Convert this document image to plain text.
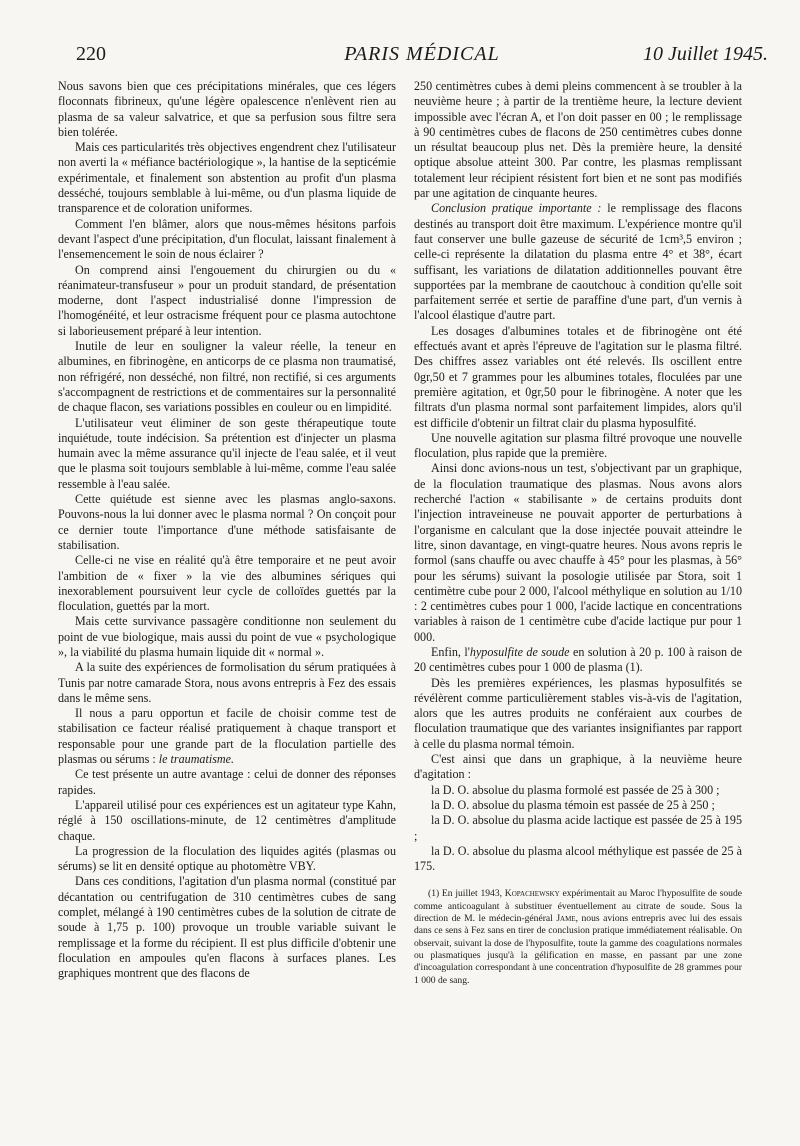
220	PARIS MÉDICAL	10 Juillet 1945.

Nous savons bien que ces précipitations minérales, que ces légers floconnats fibrineux, qu'une légère opalescence n'enlèvent rien au plasma de sa valeur salvatrice, et que sa perfusion sous filtre sera bien tolérée.

Mais ces particularités très objectives engendrent chez l'utilisateur non averti la « méfiance bactériologique », la hantise de la septicémie expérimentale, et finalement son abstention au profit d'un plasma desséché, toujours semblable à lui-même, ou d'un plasma liquide de transparence et de coloration uniformes.

Comment l'en blâmer, alors que nous-mêmes hésitons parfois devant l'aspect d'une précipitation, d'un floculat, laissant finalement à l'ensemencement le soin de nous éclairer ?

On comprend ainsi l'engouement du chirurgien ou du « réanimateur-transfuseur » pour un produit standard, de présentation moderne, dont l'aspect industrialisé donne l'impression de l'homogénéité, et leur ostracisme fréquent pour ce plasma autochtone si laborieusement préparé à leur intention.

Inutile de leur en souligner la valeur réelle, la teneur en albumines, en fibrinogène, en anticorps de ce plasma non traumatisé, non réfrigéré, non desséché, non filtré, non rectifié, si ces arguments s'accompagnent de restrictions et de commentaires sur la personnalité de chaque flacon, ses variations possibles en couleur ou en limpidité.

L'utilisateur veut éliminer de son geste thérapeutique toute inquiétude, toute indécision. Sa prétention est d'injecter un plasma humain avec la même assurance qu'il injecte de l'eau salée, et il veut que le plasma soit toujours semblable à lui-même, comme l'eau salée ressemble à l'eau salée.

Cette quiétude est sienne avec les plasmas anglo-saxons. Pouvons-nous la lui donner avec le plasma normal ? On conçoit pour ce dernier toute l'importance d'une méthode satisfaisante de stabilisation.

Celle-ci ne vise en réalité qu'à être temporaire et ne peut avoir l'ambition de « fixer » la vie des albumines sériques qui inexorablement poursuivent leur cycle de colloïdes guettés par la floculation, guettés par la mort.

Mais cette survivance passagère conditionne non seulement du point de vue biologique, mais aussi du point de vue « psychologique », la viabilité du plasma humain liquide dit « normal ».

A la suite des expériences de formolisation du sérum pratiquées à Tunis par notre camarade Stora, nous avons entrepris à Fez des essais dans le même sens.

Il nous a paru opportun et facile de choisir comme test de stabilisation ce facteur réalisé pratiquement à chaque transport et responsable pour une grande part de la floculation partielle des plasmas ou sérums : le traumatisme.

Ce test présente un autre avantage : celui de donner des réponses rapides.

L'appareil utilisé pour ces expériences est un agitateur type Kahn, réglé à 150 oscillations-minute, de 12 centimètres d'amplitude chaque.

La progression de la floculation des liquides agités (plasmas ou sérums) se lit en densité optique au photomètre VBY.

Dans ces conditions, l'agitation d'un plasma normal (constitué par décantation ou centrifugation de 310 centimètres cubes de sang complet, mélangé à 190 centimètres cubes de la solution de citrate de soude à 1,75 p. 100) provoque un trouble variable suivant le remplissage et la forme du récipient. Il est plus difficile d'obtenir une floculation en ampoules qu'en flacons à surfaces planes. Les graphiques montrent que des flacons de

250 centimètres cubes à demi pleins commencent à se troubler à la neuvième heure ; à partir de la trentième heure, la lecture devient impossible avec l'écran A, et l'on doit passer en 00 ; le remplissage à 90 centimètres cubes de flacons de 250 centimètres cubes donne un résultat beaucoup plus net. Dès la première heure, la densité optique absolue atteint 300. Par contre, les plasmas remplissant totalement leur récipient résistent fort bien et ne sont pas modifiés par une agitation de cinquante heures.

Conclusion pratique importante : le remplissage des flacons destinés au transport doit être maximum. L'expérience montre qu'il faut conserver une bulle gazeuse de sécurité de 1cm³,5 environ ; celle-ci représente la dilatation du plasma entre 4° et 38°, écart suffisant, les variations de dilatation additionnelles pouvant être supportées par la membrane de caoutchouc à condition qu'elle soit parfaitement serrée et sertie de paraffine d'une part, d'un vernis à l'alcool élastique d'autre part.

Les dosages d'albumines totales et de fibrinogène ont été effectués avant et après l'épreuve de l'agitation sur le plasma filtré. Des chiffres assez variables ont été relevés. Ils oscillent entre 0gr,50 et 7 grammes pour les albumines totales, floculées par une première agitation, et 0gr,50 pour le fibrinogène. A noter que les filtrats d'un plasma normal sont parfaitement limpides, alors qu'il est difficile d'obtenir un filtrat clair du plasma hyposulfité.

Une nouvelle agitation sur plasma filtré provoque une nouvelle floculation, plus rapide que la première.

Ainsi donc avions-nous un test, s'objectivant par un graphique, de la floculation traumatique des plasmas. Nous avons alors recherché l'action « stabilisante » de certains produits dont l'injection intraveineuse ne pouvait apporter de perturbations à l'organisme en calculant que la dose injectée pouvait atteindre le litre, sinon davantage, en vingt-quatre heures. Nous avons repris le formol (sans chauffe ou avec chauffe à 45° pour les plasmas, à 56° pour les sérums) suivant la posologie utilisée par Stora, soit 1 centimètre cube pour 2 000, l'alcool méthylique en solution au 1/10 : 2 centimètres cubes pour 1 000, l'acide lactique en concentrations variables à raison de 1 centimètre cube d'acide lactique pur pour 1 000.

Enfin, l'hyposulfite de soude en solution à 20 p. 100 à raison de 20 centimètres cubes pour 1 000 de plasma (1).

Dès les premières expériences, les plasmas hyposulfités se révélèrent comme particulièrement stables vis-à-vis de l'agitation, alors que les autres produits ne conféraient aux courbes de floculation traumatique que des variantes insignifiantes par rapport à celle du plasma normal témoin.

C'est ainsi que dans un graphique, à la neuvième heure d'agitation :

la D. O. absolue du plasma formolé est passée de 25 à 300 ;

la D. O. absolue du plasma témoin est passée de 25 à 250 ;

la D. O. absolue du plasma acide lactique est passée de 25 à 195 ;

la D. O. absolue du plasma alcool méthylique est passée de 25 à 175.

(1) En juillet 1943, Kopachewsky expérimentait au Maroc l'hyposulfite de soude comme anticoagulant à substituer éventuellement au citrate de soude. Sous la direction de M. le médecin-général Jame, nous avions entrepris avec lui des essais dans ce sens à Fez sans en tirer de conclusion pratique immédiatement réalisable. On observait, suivant la dose de l'hyposulfite, toute la gamme des coagulations normales ou plasmatiques jusqu'à la gélification en masse, en passant par une zone d'incoagulation correspondant à une concentration d'hyposulfite de 28 grammes pour 1 000 de sang.
